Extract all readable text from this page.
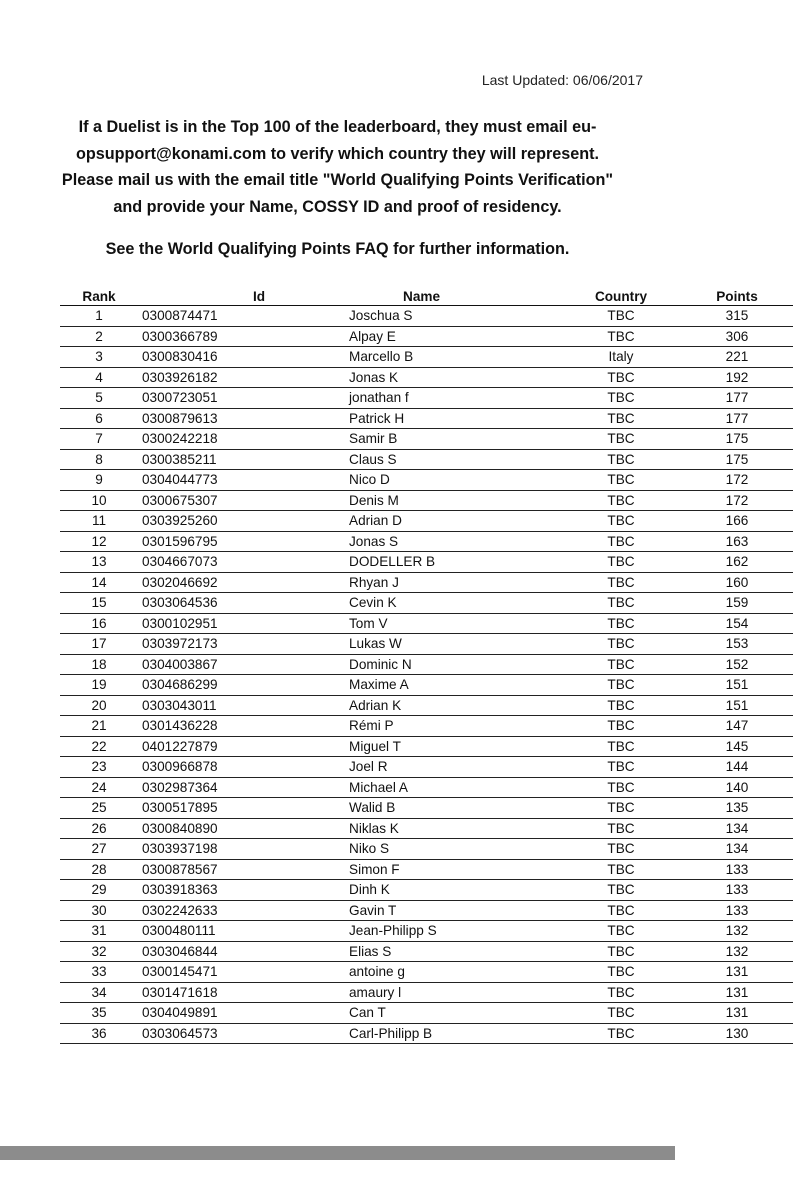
Last Updated: 06/06/2017
If a Duelist is in the Top 100 of the leaderboard, they must email eu-
opsupport@konami.com to verify which country they will represent.
Please mail us with the email title "World Qualifying Points Verification"
and provide your Name, COSSY ID and proof of residency.
See the World Qualifying Points FAQ for further information.
Rank	Id	Name	Country	Points
1	0300874471	Joschua S	TBC	315
2	0300366789	Alpay E	TBC	306
3	0300830416	Marcello B	Italy	221
4	0303926182	Jonas K	TBC	192
5	0300723051	jonathan f	TBC	177
6	0300879613	Patrick H	TBC	177
7	0300242218	Samir B	TBC	175
8	0300385211	Claus S	TBC	175
9	0304044773	Nico D	TBC	172
10	0300675307	Denis M	TBC	172
11	0303925260	Adrian D	TBC	166
12	0301596795	Jonas S	TBC	163
13	0304667073	DODELLER B	TBC	162
14	0302046692	Rhyan J	TBC	160
15	0303064536	Cevin K	TBC	159
16	0300102951	Tom V	TBC	154
17	0303972173	Lukas W	TBC	153
18	0304003867	Dominic N	TBC	152
19	0304686299	Maxime A	TBC	151
20	0303043011	Adrian K	TBC	151
21	0301436228	Rémi P	TBC	147
22	0401227879	Miguel T	TBC	145
23	0300966878	Joel R	TBC	144
24	0302987364	Michael A	TBC	140
25	0300517895	Walid B	TBC	135
26	0300840890	Niklas K	TBC	134
27	0303937198	Niko S	TBC	134
28	0300878567	Simon F	TBC	133
29	0303918363	Dinh K	TBC	133
30	0302242633	Gavin T	TBC	133
31	0300480111	Jean-Philipp S	TBC	132
32	0303046844	Elias S	TBC	132
33	0300145471	antoine g	TBC	131
34	0301471618	amaury l	TBC	131
35	0304049891	Can T	TBC	131
36	0303064573	Carl-Philipp B	TBC	130
